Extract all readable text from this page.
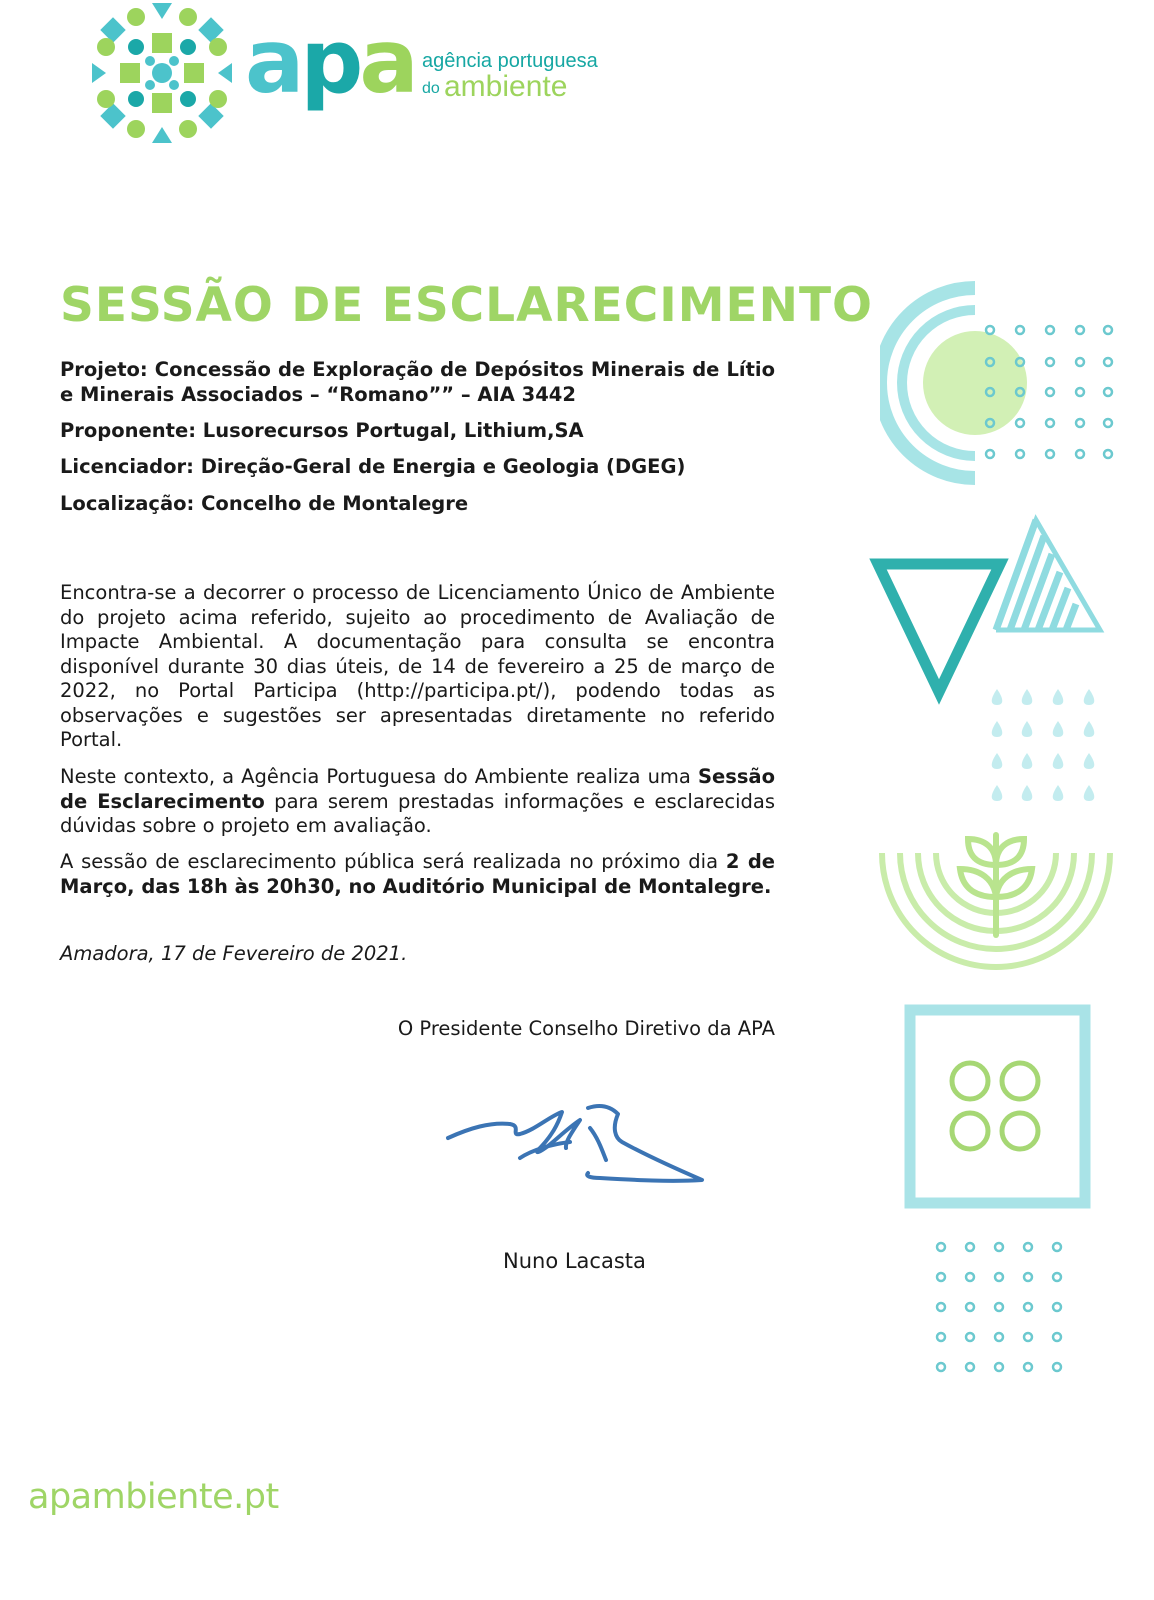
apa agência portuguesa
do ambiente
SESSÃO DE ESCLARECIMENTO
Projeto: Concessão de Exploração de Depósitos Minerais de Lítio e Minerais Associados – “Romano”” – AIA 3442
Proponente: Lusorecursos Portugal, Lithium,SA
Licenciador: Direção-Geral de Energia e Geologia (DGEG)
Localização: Concelho de Montalegre
Encontra-se a decorrer o processo de Licenciamento Único de Ambiente do projeto acima referido, sujeito ao procedimento de Avaliação de Impacte Ambiental. A documentação para consulta se encontra disponível durante 30 dias úteis, de 14 de fevereiro a 25 de março de 2022, no Portal Participa (http://participa.pt/), podendo todas as observações e sugestões ser apresentadas diretamente no referido Portal.
Neste contexto, a Agência Portuguesa do Ambiente realiza uma Sessão de Esclarecimento para serem prestadas informações e esclarecidas dúvidas sobre o projeto em avaliação.
A sessão de esclarecimento pública será realizada no próximo dia 2 de Março, das 18h às 20h30, no Auditório Municipal de Montalegre.
Amadora, 17 de Fevereiro de 2021.
O Presidente Conselho Diretivo da APA
Nuno Lacasta
apambiente.pt
